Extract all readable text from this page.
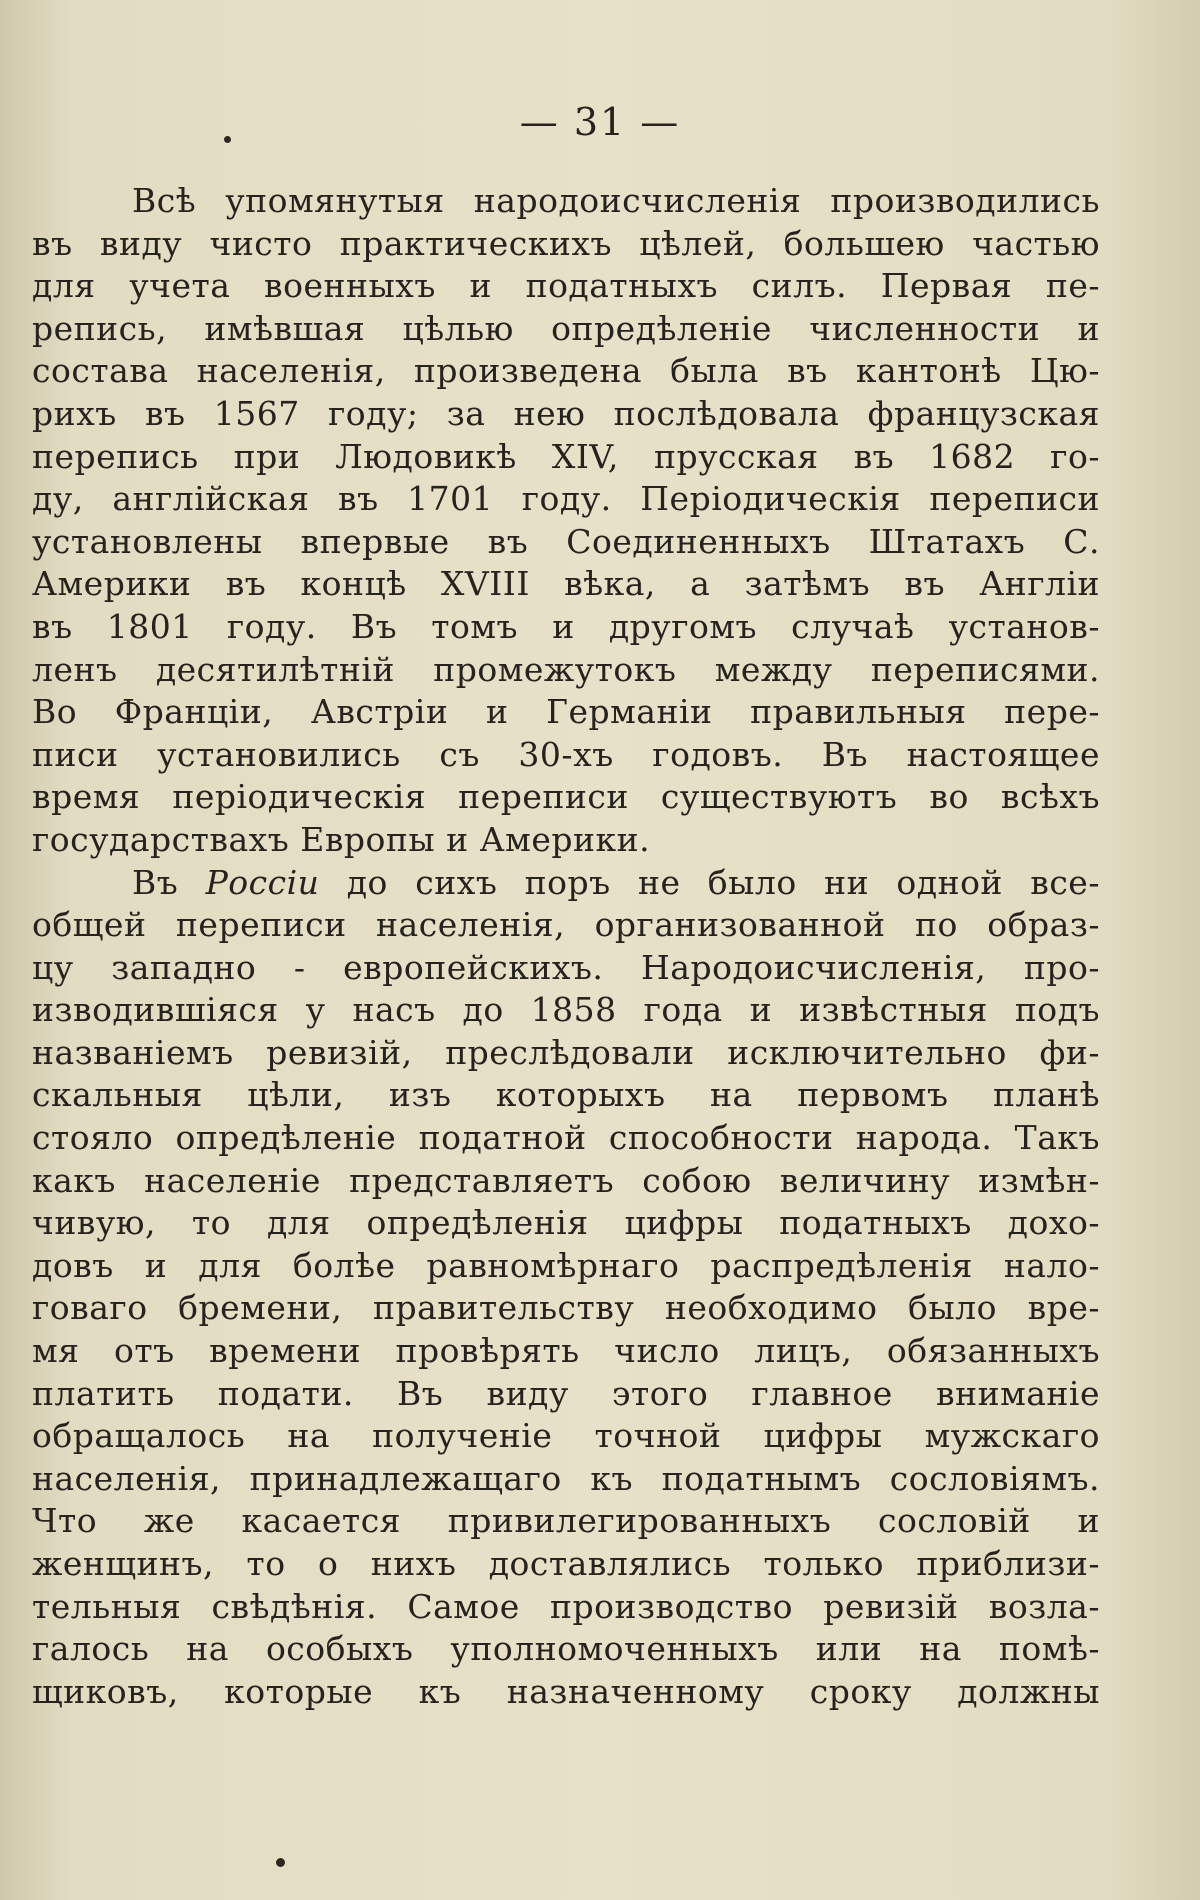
— 31 —
Всѣ упомянутыя народоисчисленія производились
въ виду чисто практическихъ цѣлей, большею частью
для учета военныхъ и податныхъ силъ. Первая пе-
репись, имѣвшая цѣлью опредѣленіе численности и
состава населенія, произведена была въ кантонѣ Цю-
рихъ въ 1567 году; за нею послѣдовала французская
перепись при Людовикѣ XIV, прусская въ 1682 го-
ду, англійская въ 1701 году. Періодическія переписи
установлены впервые въ Соединенныхъ Штатахъ С.
Америки въ концѣ XVIII вѣка, а затѣмъ въ Англіи
въ 1801 году. Въ томъ и другомъ случаѣ установ-
ленъ десятилѣтній промежутокъ между переписями.
Во Франціи, Австріи и Германіи правильныя пере-
писи установились съ 30-хъ годовъ. Въ настоящее
время періодическія переписи существуютъ во всѣхъ
государствахъ Европы и Америки.
Въ Россіи до сихъ поръ не было ни одной все-
общей переписи населенія, организованной по образ-
цу западно - европейскихъ. Народоисчисленія, про-
изводившіяся у насъ до 1858 года и извѣстныя подъ
названіемъ ревизій, преслѣдовали исключительно фи-
скальныя цѣли, изъ которыхъ на первомъ планѣ
стояло опредѣленіе податной способности народа. Такъ
какъ населеніе представляетъ собою величину измѣн-
чивую, то для опредѣленія цифры податныхъ дохо-
довъ и для болѣе равномѣрнаго распредѣленія нало-
говаго бремени, правительству необходимо было вре-
мя отъ времени провѣрять число лицъ, обязанныхъ
платить подати. Въ виду этого главное вниманіе
обращалось на полученіе точной цифры мужскаго
населенія, принадлежащаго къ податнымъ сословіямъ.
Что же касается привилегированныхъ сословій и
женщинъ, то о нихъ доставлялись только приблизи-
тельныя свѣдѣнія. Самое производство ревизій возла-
галось на особыхъ уполномоченныхъ или на помѣ-
щиковъ, которые къ назначенному сроку должны
